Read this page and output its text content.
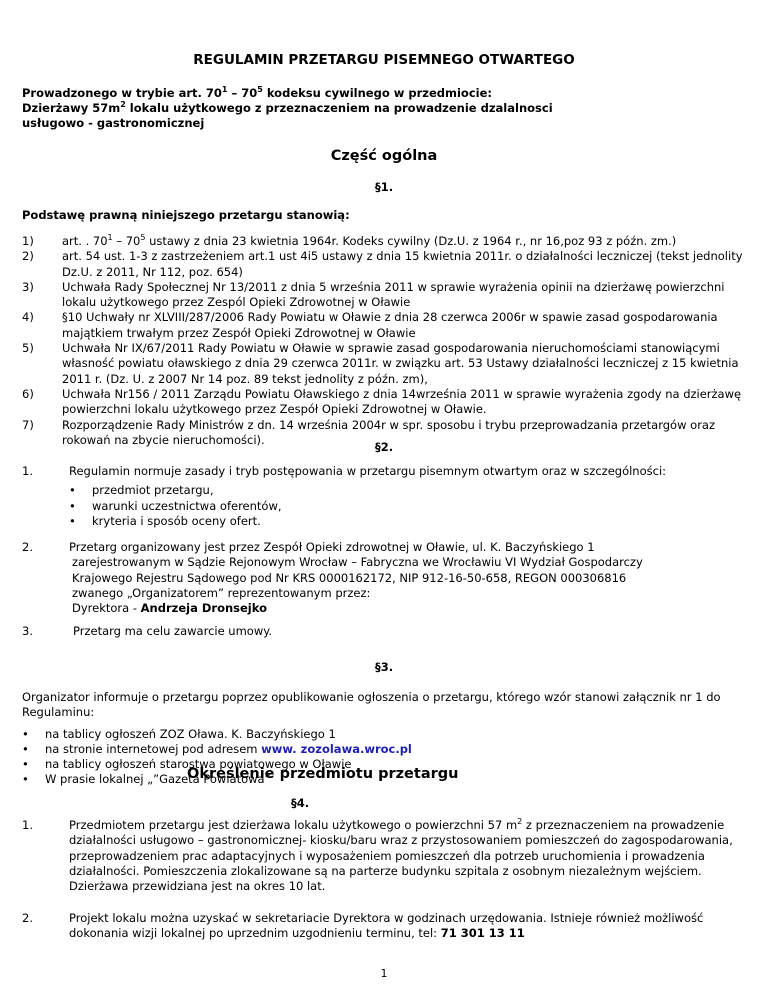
REGULAMIN PRZETARGU PISEMNEGO OTWARTEGO
Prowadzonego w trybie art. $70^1 - 70^5$ kodeksu cywilnego w przedmiocie:
Dzierżawy $57m^2$ lokalu użytkowego z przeznaczeniem na prowadzenie dzalalnosci
usługowo - gastronomicznej
Część ogólna
§1.
Podstawę prawną niniejszego przetargu stanowią:
1) art. . $70^1 - 70^5$ ustawy z dnia 23 kwietnia 1964r. Kodeks cywilny (Dz.U. z 1964 r., nr 16,poz 93 z późn. zm.)
2) art. 54 ust. 1-3 z zastrzeżeniem art.1 ust 4i5 ustawy z dnia 15 kwietnia 2011r. o działalności leczniczej (tekst jednolity Dz.U. z 2011, Nr 112, poz. 654)
3) Uchwała Rady Społecznej Nr 13/2011 z dnia 5 września 2011 w sprawie wyrażenia opinii na dzierżawę powierzchni lokalu użytkowego przez Zespól Opieki Zdrowotnej w Oławie
4) §10 Uchwały nr XLVIII/287/2006 Rady Powiatu w Oławie z dnia 28 czerwca 2006r w spawie zasad gospodarowania majątkiem trwałym przez Zespół Opieki Zdrowotnej w Oławie
5) Uchwała Nr IX/67/2011 Rady Powiatu w Oławie w sprawie zasad gospodarowania nieruchomościami stanowiącymi własność powiatu oławskiego z dnia 29 czerwca 2011r. w związku art. 53 Ustawy działalności leczniczej z 15 kwietnia 2011 r. (Dz. U. z 2007 Nr 14 poz. 89 tekst jednolity z późn. zm),
6) Uchwała Nr156 / 2011 Zarządu Powiatu Oławskiego z dnia 14września 2011 w sprawie wyrażenia zgody na dzierżawę powierzchni lokalu użytkowego przez Zespół Opieki Zdrowotnej w Oławie.
7) Rozporządzenie Rady Ministrów z dn. 14 września 2004r w spr. sposobu i trybu przeprowadzania przetargów oraz rokowań na zbycie nieruchomości).
§2.
1.	Regulamin normuje zasady i tryb postępowania w przetargu pisemnym otwartym oraz w szczególności:
• przedmiot przetargu,
• warunki uczestnictwa oferentów,
• kryteria i sposób oceny ofert.
2.	Przetarg organizowany jest przez Zespół Opieki zdrowotnej w Oławie, ul. K. Baczyńskiego 1
zarejestrowanym w Sądzie Rejonowym Wrocław – Fabryczna we Wrocławiu VI Wydział Gospodarczy
Krajowego Rejestru Sądowego pod Nr KRS 0000162172, NIP 912-16-50-658, REGON 000306816
zwanego „Organizatorem” reprezentowanym przez:
Dyrektora - Andrzeja Dronsejko
3.	Przetarg ma celu zawarcie umowy.
§3.
Organizator informuje o przetargu poprzez opublikowanie ogłoszenia o przetargu, którego wzór stanowi załącznik nr 1 do Regulaminu:
• na tablicy ogłoszeń ZOZ Oława. K. Baczyńskiego 1
• na stronie internetowej pod adresem www. zozolawa.wroc.pl
• na tablicy ogłoszeń starostwa powiatowego w Oławie
• W prasie lokalnej „”Gazeta Powiatowa”
Określenie przedmiotu przetargu
§4.
1.	Przedmiotem przetargu jest dzierżawa lokalu użytkowego o powierzchni 57 $m^2$ z przeznaczeniem na prowadzenie działalności usługowo – gastronomicznej- kiosku/baru wraz z przystosowaniem pomieszczeń do zagospodarowania, przeprowadzeniem prac adaptacyjnych i wyposażeniem pomieszczeń dla potrzeb uruchomienia i prowadzenia działalności. Pomieszczenia zlokalizowane są na parterze budynku szpitala z osobnym niezależnym wejściem. Dzierżawa przewidziana jest na okres 10 lat.
2.	Projekt lokalu można uzyskać w sekretariacie Dyrektora w godzinach urzędowania. Istnieje również możliwość dokonania wizji lokalnej po uprzednim uzgodnieniu terminu, tel: 71 301 13 11
1
